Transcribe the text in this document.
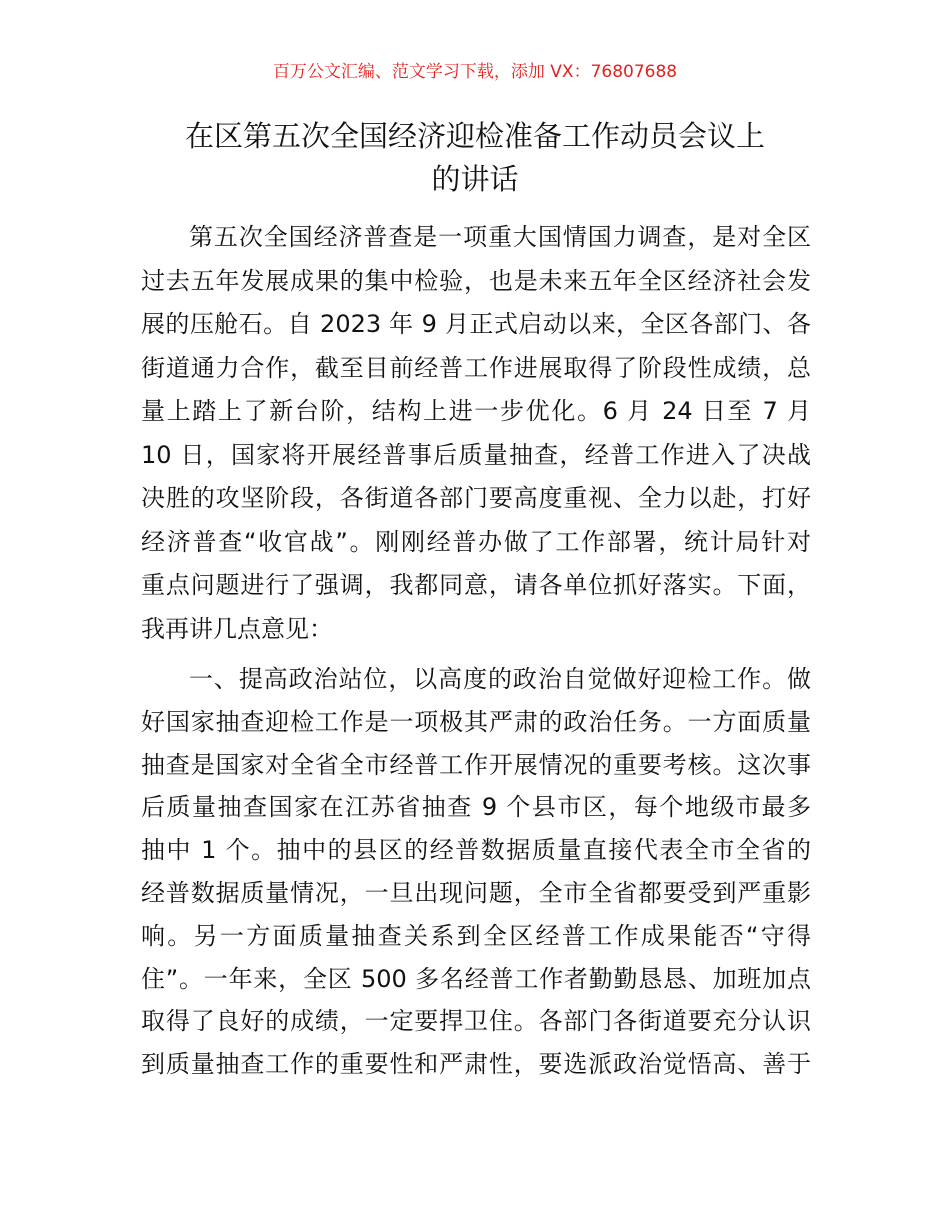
百万公文汇编、范文学习下载，添加 VX：76807688
在区第五次全国经济迎检准备工作动员会议上
的讲话
第五次全国经济普查是一项重大国情国力调查，是对全区
过去五年发展成果的集中检验，也是未来五年全区经济社会发
展的压舱石。自 2023 年 9 月正式启动以来，全区各部门、各
街道通力合作，截至目前经普工作进展取得了阶段性成绩，总
量上踏上了新台阶，结构上进一步优化。6 月 24 日至 7 月
10 日，国家将开展经普事后质量抽查，经普工作进入了决战
决胜的攻坚阶段，各街道各部门要高度重视、全力以赴，打好
经济普查“收官战”。刚刚经普办做了工作部署，统计局针对
重点问题进行了强调，我都同意，请各单位抓好落实。下面，
我再讲几点意见：
一、提高政治站位，以高度的政治自觉做好迎检工作。做
好国家抽查迎检工作是一项极其严肃的政治任务。一方面质量
抽查是国家对全省全市经普工作开展情况的重要考核。这次事
后质量抽查国家在江苏省抽查 9 个县市区，每个地级市最多
抽中 1 个。抽中的县区的经普数据质量直接代表全市全省的
经普数据质量情况，一旦出现问题，全市全省都要受到严重影
响。另一方面质量抽查关系到全区经普工作成果能否“守得
住”。一年来，全区 500 多名经普工作者勤勤恳恳、加班加点
取得了良好的成绩，一定要捍卫住。各部门各街道要充分认识
到质量抽查工作的重要性和严肃性，要选派政治觉悟高、善于
